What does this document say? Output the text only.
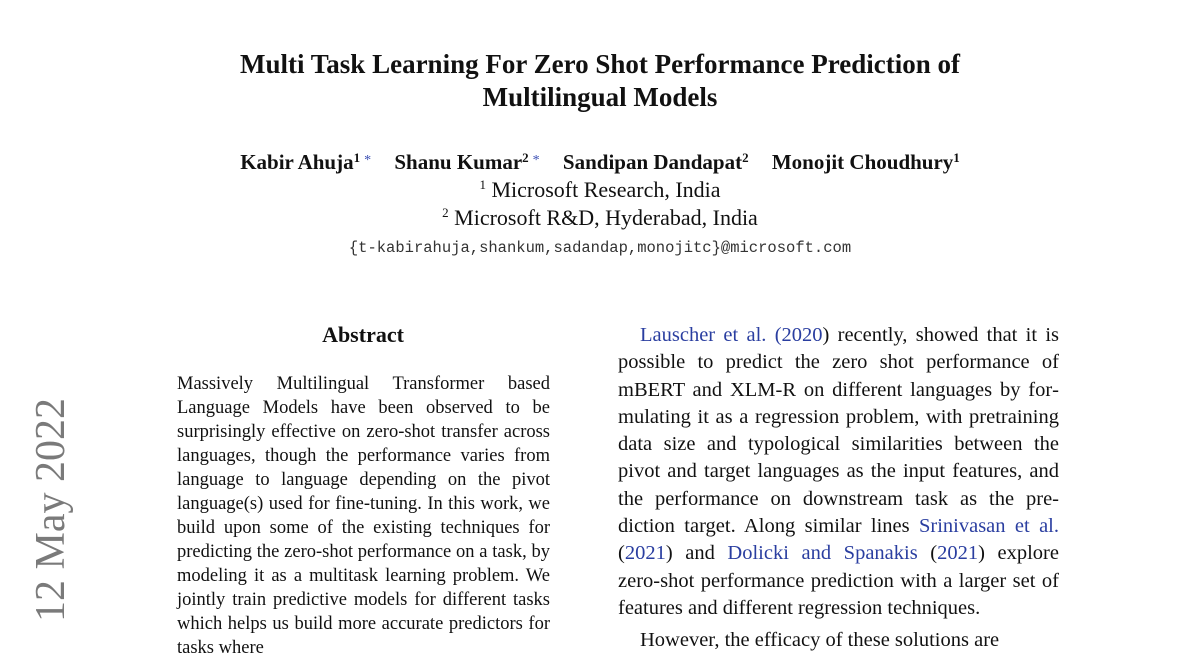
Multi Task Learning For Zero Shot Performance Prediction of
Multilingual Models
Kabir Ahuja$^1$ * Shanu Kumar$^2$ * Sandipan Dandapat$^2$ Monojit Choudhury$^1$
$^1$ Microsoft Research, India
$^2$ Microsoft R&D, Hyderabad, India
{t-kabirahuja,shankum,sadandap,monojitc}@microsoft.com
12 May 2022
Abstract

Massively Multilingual Transformer based Language Models have been observed to be surprisingly effective on zero-shot transfer across languages, though the performance varies from language to language depending on the pivot language(s) used for fine-tuning. In this work, we build upon some of the existing techniques for predicting the zero-shot performance on a task, by modeling it as a multitask learning problem. We jointly train predictive models for different tasks which helps us build more accurate predictors for tasks where

Lauscher et al. (2020) recently, showed that it is possible to predict the zero shot performance of mBERT and XLM-R on different languages by formulating it as a regression problem, with pretraining data size and typological similarities between the pivot and target languages as the input features, and the performance on downstream task as the prediction target. Along similar lines Srinivasan et al. (2021) and Dolicki and Spanakis (2021) explore zero-shot performance prediction with a larger set of features and different regression techniques.

However, the efficacy of these solutions are
